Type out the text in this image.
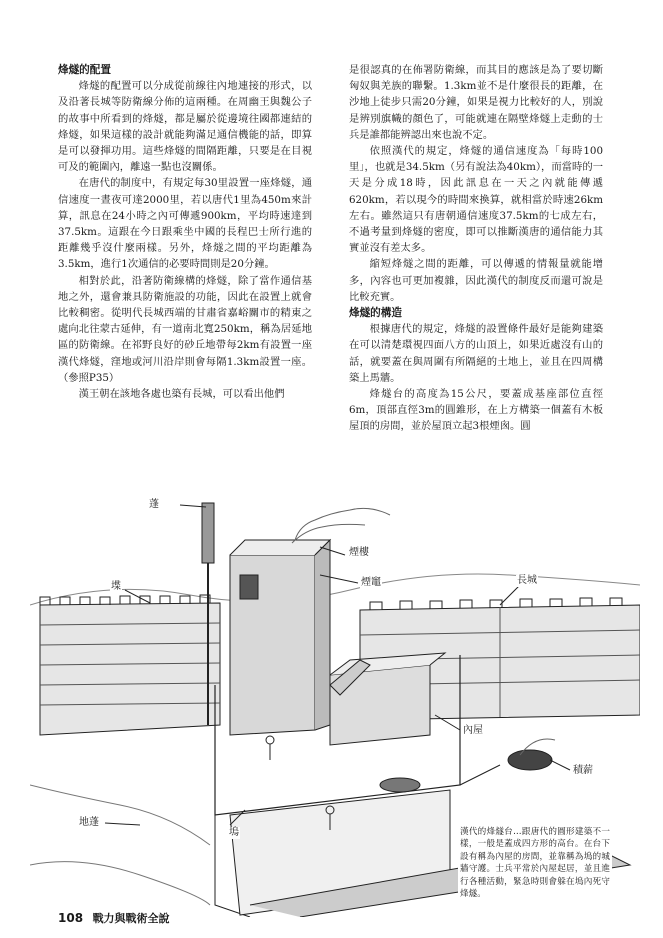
烽燧的配置

烽燧的配置可以分成從前線往內地連接的形式，以及沿著長城等防衛線分佈的這兩種。在周幽王與魏公子的故事中所看到的烽燧，都是屬於從邊境往國都連結的烽燧，如果這樣的設計就能夠滿足通信機能的話，即算是可以發揮功用。這些烽燧的間隔距離，只要是在目視可及的範圍內，離遠一點也沒關係。

在唐代的制度中，有規定每30里設置一座烽燧，通信速度一晝夜可達2000里，若以唐代1里為450m來計算，訊息在24小時之內可傳遞900km，平均時速達到37.5km。這跟在今日跟乘坐中國的長程巴士所行進的距離幾乎沒什麼兩樣。另外，烽燧之間的平均距離為3.5km，進行1次通信的必要時間則是20分鐘。

相對於此，沿著防衛線構的烽燧，除了當作通信基地之外，還會兼具防衛施設的功能，因此在設置上就會比較稠密。從明代長城西端的甘肅省嘉峪關市的精東之處向北往蒙古延伸，有一道南北寬250km，稱為居延地區的防衛線。在祁野良好的砂丘地帶每2km有設置一座漢代烽燧，窪地或河川沿岸則會每隔1.3km設置一座。（參照P35）

漢王朝在該地各處也築有長城，可以看出他們

是很認真的在佈署防衛線，而其目的應該是為了要切斷匈奴與羌族的聯繫。1.3km並不是什麼很長的距離，在沙地上徒步只需20分鐘，如果是視力比較好的人，別說是辨別旗幟的顏色了，可能就連在隔壁烽燧上走動的士兵是誰都能辨認出來也說不定。

依照漢代的規定，烽燧的通信速度為「每時100里」，也就是34.5km（另有說法為40km），而當時的一天是分成18時，因此訊息在一天之內就能傳遞620km，若以現今的時間來換算，就相當於時速26km左右。雖然這只有唐朝通信速度37.5km的七成左右，不過考量到烽燧的密度，即可以推斷漢唐的通信能力其實並沒有差太多。

縮短烽燧之間的距離，可以傳遞的情報量就能增多，內容也可更加複雜，因此漢代的制度反而還可說是比較充實。

烽燧的構造

根據唐代的規定，烽燧的設置條件最好是能夠建築在可以清楚環視四面八方的山頂上，如果近處沒有山的話，就要蓋在與周圍有所隔絕的土地上，並且在四周構築上馬牆。

烽燧台的高度為15公尺，要蓋成基座部位直徑6m，頂部直徑3m的圓錐形，在上方構築一個蓋有木板屋頂的房間，並於屋頂立起3根煙囪。圓

蓬
煙樓
堞	煙竈	長城
內屋
積薪
地蓬
塢	漢代的烽燧台…跟唐代的圓形建築不一樣，一般是蓋成四方形的高台。在台下設有稱為內屋的房間，並靠稱為塢的城牆守護。士兵平常於內屋起居，並且進行各種活動，緊急時則會躲在塢內死守烽燧。
108 戰力與戰術全說
